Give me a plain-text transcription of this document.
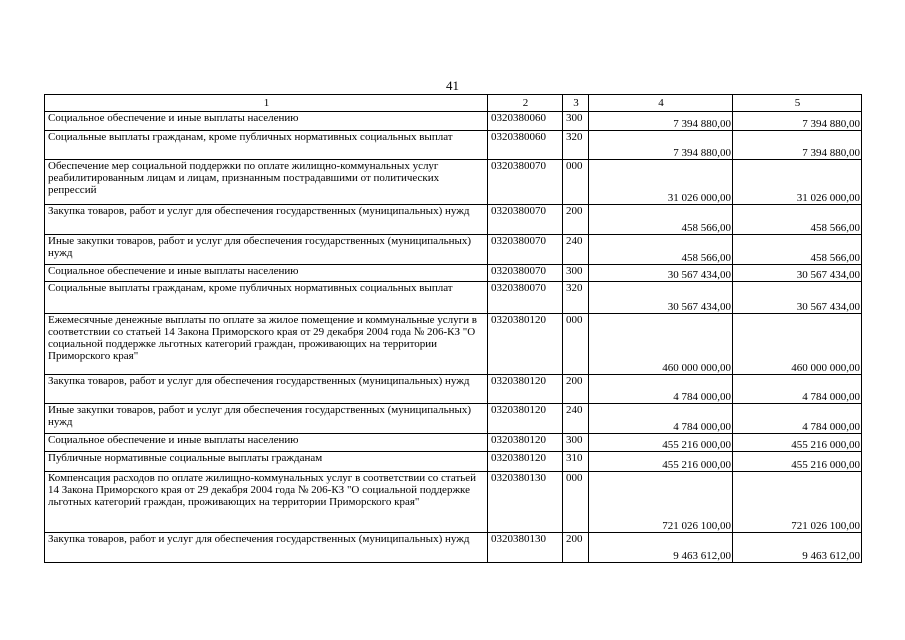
41
1	2	3	4	5
Социальное обеспечение и иные выплаты населению	0320380060	300	7 394 880,00	7 394 880,00
Социальные выплаты гражданам, кроме публичных нормативных социальных выплат	0320380060	320	7 394 880,00	7 394 880,00
Обеспечение мер социальной поддержки по оплате жилищно-коммунальных услуг реабилитированным лицам и лицам, признанным пострадавшими от политических репрессий	0320380070	000	31 026 000,00	31 026 000,00
Закупка товаров, работ и услуг для обеспечения государственных (муниципальных) нужд	0320380070	200	458 566,00	458 566,00
Иные закупки товаров, работ и услуг для обеспечения государственных (муниципальных) нужд	0320380070	240	458 566,00	458 566,00
Социальное обеспечение и иные выплаты населению	0320380070	300	30 567 434,00	30 567 434,00
Социальные выплаты гражданам, кроме публичных нормативных социальных выплат	0320380070	320	30 567 434,00	30 567 434,00
Ежемесячные денежные выплаты по оплате за жилое помещение и коммунальные услуги в соответствии со статьей 14 Закона Приморского края от 29 декабря 2004 года № 206-КЗ "О социальной поддержке льготных категорий граждан, проживающих на территории Приморского края"	0320380120	000	460 000 000,00	460 000 000,00
Закупка товаров, работ и услуг для обеспечения государственных (муниципальных) нужд	0320380120	200	4 784 000,00	4 784 000,00
Иные закупки товаров, работ и услуг для обеспечения государственных (муниципальных) нужд	0320380120	240	4 784 000,00	4 784 000,00
Социальное обеспечение и иные выплаты населению	0320380120	300	455 216 000,00	455 216 000,00
Публичные нормативные социальные выплаты гражданам	0320380120	310	455 216 000,00	455 216 000,00
Компенсация расходов по оплате жилищно-коммунальных услуг в соответствии со статьей 14 Закона Приморского края от 29 декабря 2004 года № 206-КЗ "О социальной поддержке льготных категорий граждан, проживающих на территории Приморского края"	0320380130	000	721 026 100,00	721 026 100,00
Закупка товаров, работ и услуг для обеспечения государственных (муниципальных) нужд	0320380130	200	9 463 612,00	9 463 612,00
